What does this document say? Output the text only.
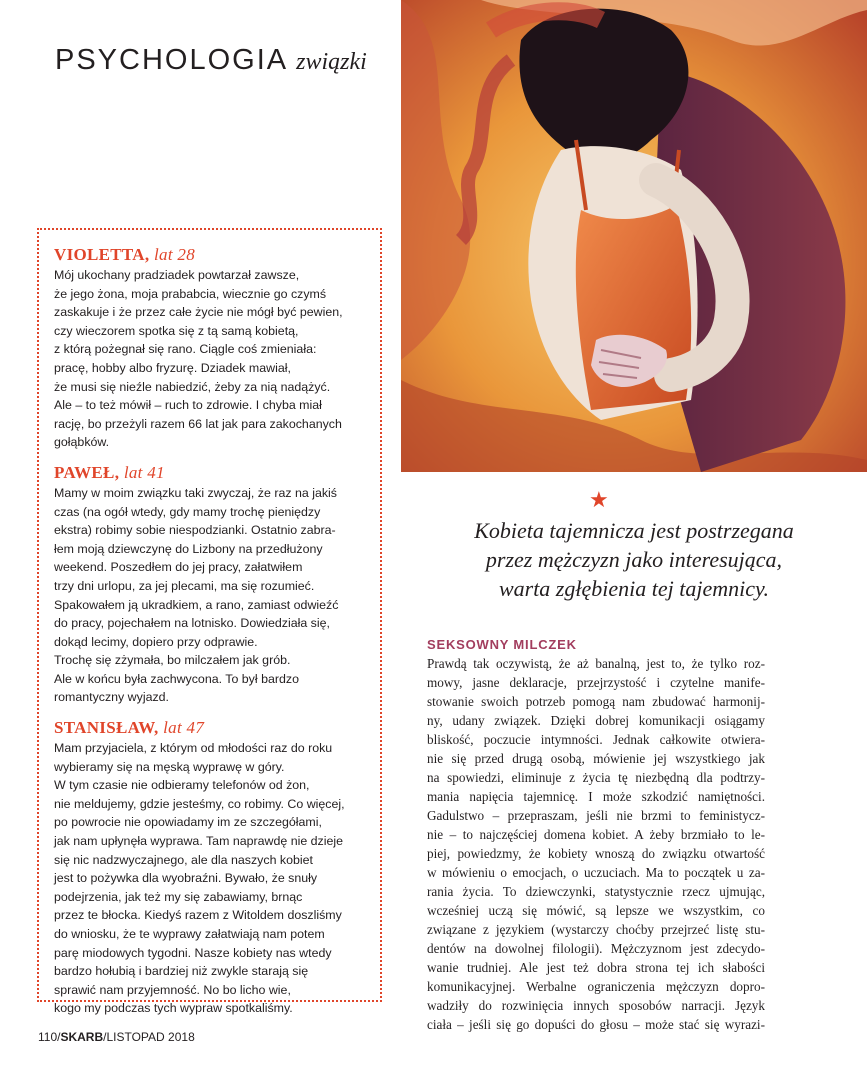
PSYCHOLOGIA związki
VIOLETTA, lat 28

Mój ukochany pradziadek powtarzał zawsze,
że jego żona, moja prababcia, wiecznie go czymś
zaskakuje i że przez całe życie nie mógł być pewien,
czy wieczorem spotka się z tą samą kobietą,
z którą pożegnał się rano. Ciągle coś zmieniała:
pracę, hobby albo fryzurę. Dziadek mawiał,
że musi się nieźle nabiedzić, żeby za nią nadążyć.
Ale – to też mówił – ruch to zdrowie. I chyba miał
rację, bo przeżyli razem 66 lat jak para zakochanych
gołąbków.

PAWEŁ, lat 41

Mamy w moim związku taki zwyczaj, że raz na jakiś
czas (na ogół wtedy, gdy mamy trochę pieniędzy
ekstra) robimy sobie niespodzianki. Ostatnio zabra-
łem moją dziewczynę do Lizbony na przedłużony
weekend. Poszedłem do jej pracy, załatwiłem
trzy dni urlopu, za jej plecami, ma się rozumieć.
Spakowałem ją ukradkiem, a rano, zamiast odwieźć
do pracy, pojechałem na lotnisko. Dowiedziała się,
dokąd lecimy, dopiero przy odprawie.
Trochę się zżymała, bo milczałem jak grób.
Ale w końcu była zachwycona. To był bardzo
romantyczny wyjazd.

STANISŁAW, lat 47

Mam przyjaciela, z którym od młodości raz do roku
wybieramy się na męską wyprawę w góry.
W tym czasie nie odbieramy telefonów od żon,
nie meldujemy, gdzie jesteśmy, co robimy. Co więcej,
po powrocie nie opowiadamy im ze szczegółami,
jak nam upłynęła wyprawa. Tam naprawdę nie dzieje
się nic nadzwyczajnego, ale dla naszych kobiet
jest to pożywka dla wyobraźni. Bywało, że snuły
podejrzenia, jak też my się zabawiamy, brnąc
przez te błocka. Kiedyś razem z Witoldem doszliśmy
do wniosku, że te wyprawy załatwiają nam potem
parę miodowych tygodni. Nasze kobiety nas wtedy
bardzo hołubią i bardziej niż zwykle starają się
sprawić nam przyjemność. No bo licho wie,
kogo my podczas tych wypraw spotkaliśmy.

★
Kobieta tajemnicza jest postrzegana
przez mężczyzn jako interesująca,
warta zgłębienia tej tajemnicy.
SEKSOWNY MILCZEK

Prawdą tak oczywistą, że aż banalną, jest to, że tylko roz-
mowy, jasne deklaracje, przejrzystość i czytelne manife-
stowanie swoich potrzeb pomogą nam zbudować harmonij-
ny, udany związek. Dzięki dobrej komunikacji osiągamy
bliskość, poczucie intymności. Jednak całkowite otwiera-
nie się przed drugą osobą, mówienie jej wszystkiego jak
na spowiedzi, eliminuje z życia tę niezbędną dla podtrzy-
mania napięcia tajemnicę. I może szkodzić namiętności.
Gadulstwo – przepraszam, jeśli nie brzmi to feministycz-
nie – to najczęściej domena kobiet. A żeby brzmiało to le-
piej, powiedzmy, że kobiety wnoszą do związku otwartość
w mówieniu o emocjach, o uczuciach. Ma to początek u za-
rania życia. To dziewczynki, statystycznie rzecz ujmując,
wcześniej uczą się mówić, są lepsze we wszystkim, co
związane z językiem (wystarczy choćby przejrzeć listę stu-
dentów na dowolnej filologii). Mężczyznom jest zdecydo-
wanie trudniej. Ale jest też dobra strona tej ich słabości
komunikacyjnej. Werbalne ograniczenia mężczyzn dopro-
wadziły do rozwinięcia innych sposobów narracji. Język
ciała – jeśli się go dopuści do głosu – może stać się wyrazi-

110/SKARB/LISTOPAD 2018
